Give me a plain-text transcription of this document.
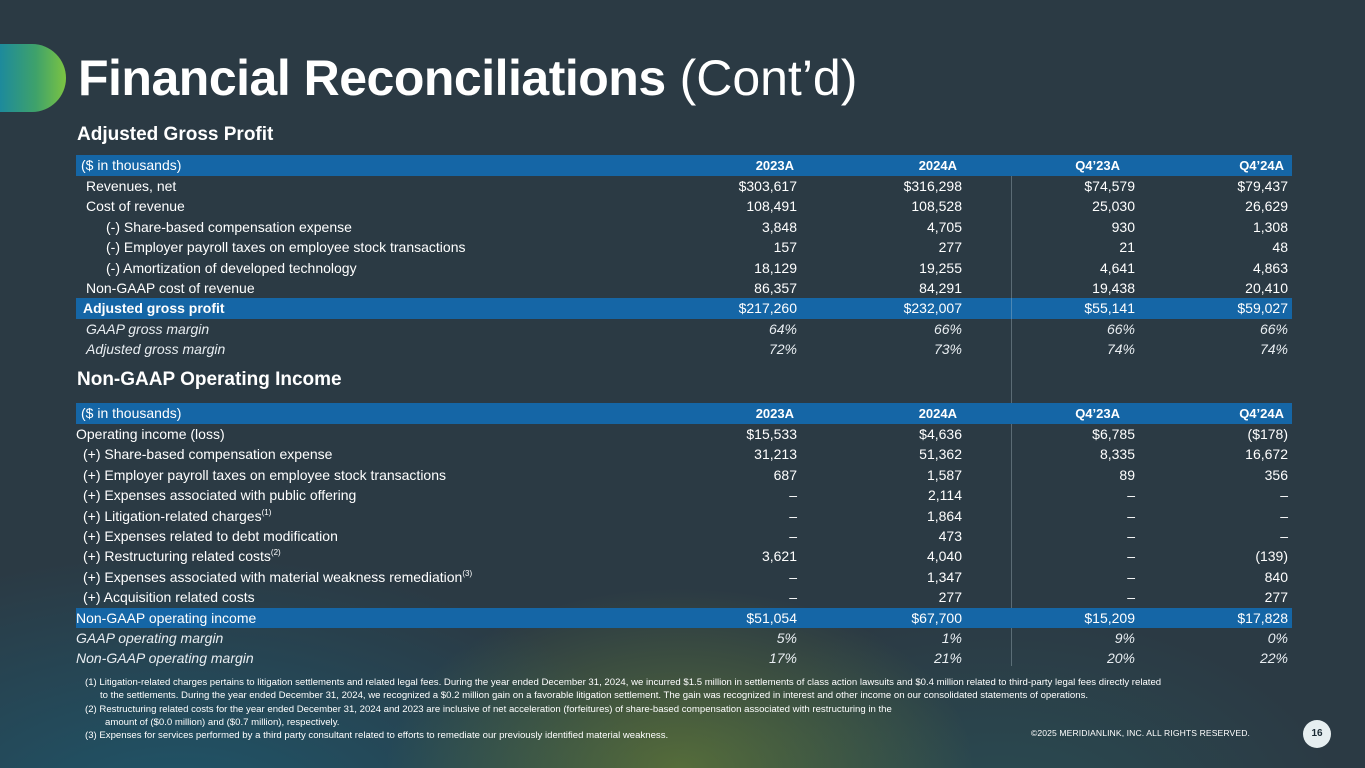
Financial Reconciliations (Cont’d)
Adjusted Gross Profit
($ in thousands)	2023A	2024A	Q4’23A	Q4’24A
Revenues, net	$303,617	$316,298	$74,579	$79,437
Cost of revenue	108,491	108,528	25,030	26,629
(-) Share-based compensation expense	3,848	4,705	930	1,308
(-) Employer payroll taxes on employee stock transactions	157	277	21	48
(-) Amortization of developed technology	18,129	19,255	4,641	4,863
Non-GAAP cost of revenue	86,357	84,291	19,438	20,410
Adjusted gross profit	$217,260	$232,007	$55,141	$59,027
GAAP gross margin	64%	66%	66%	66%
Adjusted gross margin	72%	73%	74%	74%
Non-GAAP Operating Income
($ in thousands)	2023A	2024A	Q4’23A	Q4’24A
Operating income (loss)	$15,533	$4,636	$6,785	($178)
(+) Share-based compensation expense	31,213	51,362	8,335	16,672
(+) Employer payroll taxes on employee stock transactions	687	1,587	89	356
(+) Expenses associated with public offering	–	2,114	–	–
(+) Litigation-related charges$^{(1)}$	–	1,864	–	–
(+) Expenses related to debt modification	–	473	–	–
(+) Restructuring related costs$^{(2)}$	3,621	4,040	–	(139)
(+) Expenses associated with material weakness remediation$^{(3)}$	–	1,347	–	840
(+) Acquisition related costs	–	277	–	277
Non-GAAP operating income	$51,054	$67,700	$15,209	$17,828
GAAP operating margin	5%	1%	9%	0%
Non-GAAP operating margin	17%	21%	20%	22%
(1) Litigation-related charges pertains to litigation settlements and related legal fees. During the year ended December 31, 2024, we incurred $1.5 million in settlements of class action lawsuits and $0.4 million related to third-party legal fees directly related
to the settlements. During the year ended December 31, 2024, we recognized a $0.2 million gain on a favorable litigation settlement. The gain was recognized in interest and other income on our consolidated statements of operations.
(2) Restructuring related costs for the year ended December 31, 2024 and 2023 are inclusive of net acceleration (forfeitures) of share-based compensation associated with restructuring in the
amount of ($0.0 million) and ($0.7 million), respectively.
(3) Expenses for services performed by a third party consultant related to efforts to remediate our previously identified material weakness.	©2025 MERIDIANLINK, INC. ALL RIGHTS RESERVED.	16
